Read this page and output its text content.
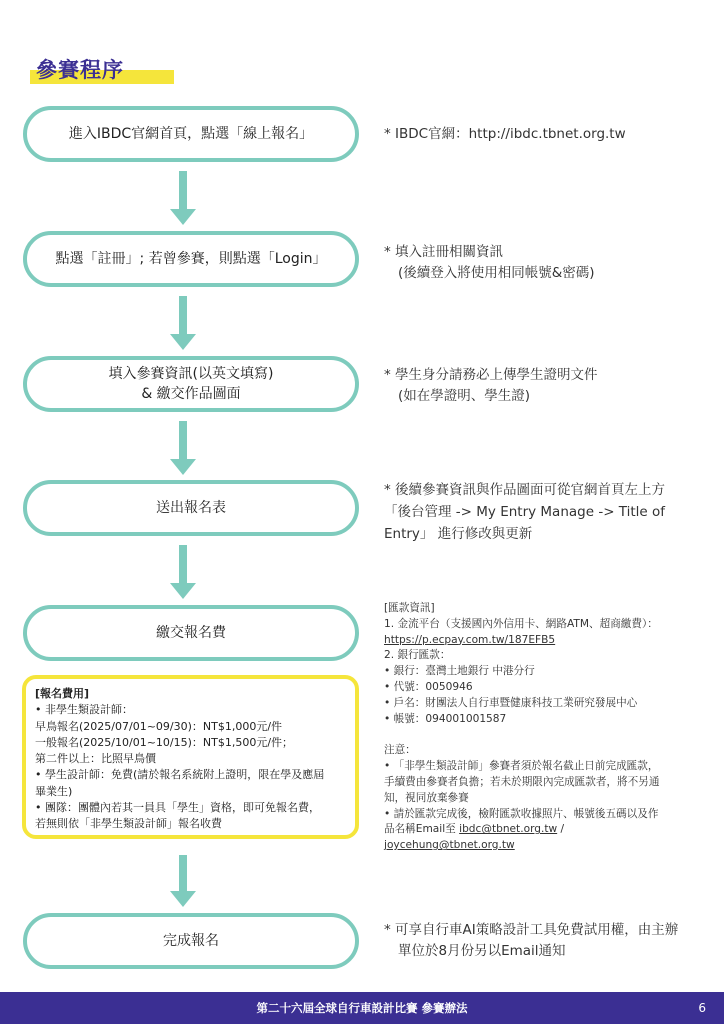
參賽程序
進入IBDC官網首頁，點選「線上報名」
點選「註冊」; 若曾參賽，則點選「Login」
填入參賽資訊(以英文填寫)
& 繳交作品圖面
送出報名表
繳交報名費
完成報名
* IBDC官網：http://ibdc.tbnet.org.tw
* 填入註冊相關資訊
(後續登入將使用相同帳號&密碼)
* 學生身分請務必上傳學生證明文件
(如在學證明、學生證)
* 後續參賽資訊與作品圖面可從官網首頁左上方
「後台管理 -> My Entry Manage -> Title of
Entry」 進行修改與更新
* 可享自行車AI策略設計工具免費試用權，由主辦
單位於8月份另以Email通知
[報名費用]
• 非學生類設計師：
早鳥報名(2025/07/01~09/30)：NT$1,000元/件
一般報名(2025/10/01~10/15)：NT$1,500元/件；
第二件以上：比照早鳥價
• 學生設計師：免費(請於報名系統附上證明，限在學及應屆
畢業生)
• 團隊：團體內若其一員具「學生」資格，即可免報名費，
若無則依「非學生類設計師」報名收費
[匯款資訊]
1. 金流平台（支援國內外信用卡、網路ATM、超商繳費）：
https://p.ecpay.com.tw/187EFB5
2. 銀行匯款：
• 銀行：臺灣土地銀行 中港分行
• 代號：0050946
• 戶名：財團法人自行車暨健康科技工業研究發展中心
• 帳號：094001001587
注意：
• 「非學生類設計師」參賽者須於報名截止日前完成匯款，
手續費由參賽者負擔；若未於期限內完成匯款者，將不另通
知，視同放棄參賽
• 請於匯款完成後，檢附匯款收據照片、帳號後五碼以及作
品名稱Email至 ibdc@tbnet.org.tw /
joycehung@tbnet.org.tw
第二十六屆全球自行車設計比賽 參賽辦法	6
